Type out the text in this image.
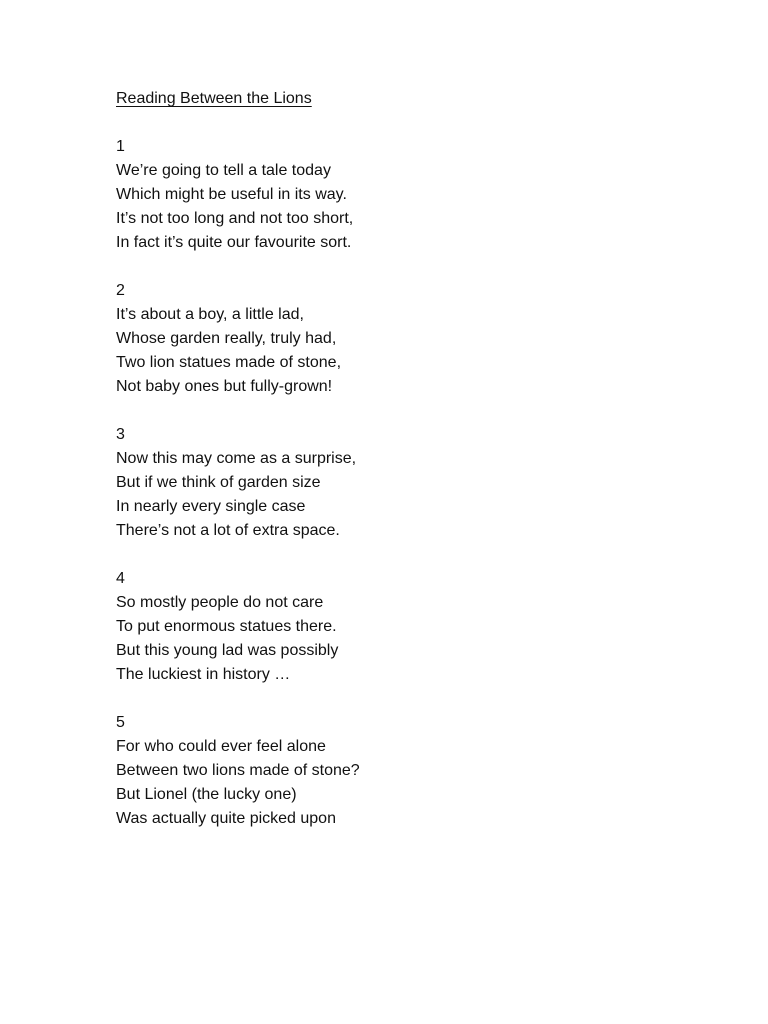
Reading Between the Lions
1
We’re going to tell a tale today
Which might be useful in its way.
It’s not too long and not too short,
In fact it’s quite our favourite sort.
2
It’s about a boy, a little lad,
Whose garden really, truly had,
Two lion statues made of stone,
Not baby ones but fully-grown!
3
Now this may come as a surprise,
But if we think of garden size
In nearly every single case
There’s not a lot of extra space.
4
So mostly people do not care
To put enormous statues there.
But this young lad was possibly
The luckiest in history …
5
For who could ever feel alone
Between two lions made of stone?
But Lionel (the lucky one)
Was actually quite picked upon
